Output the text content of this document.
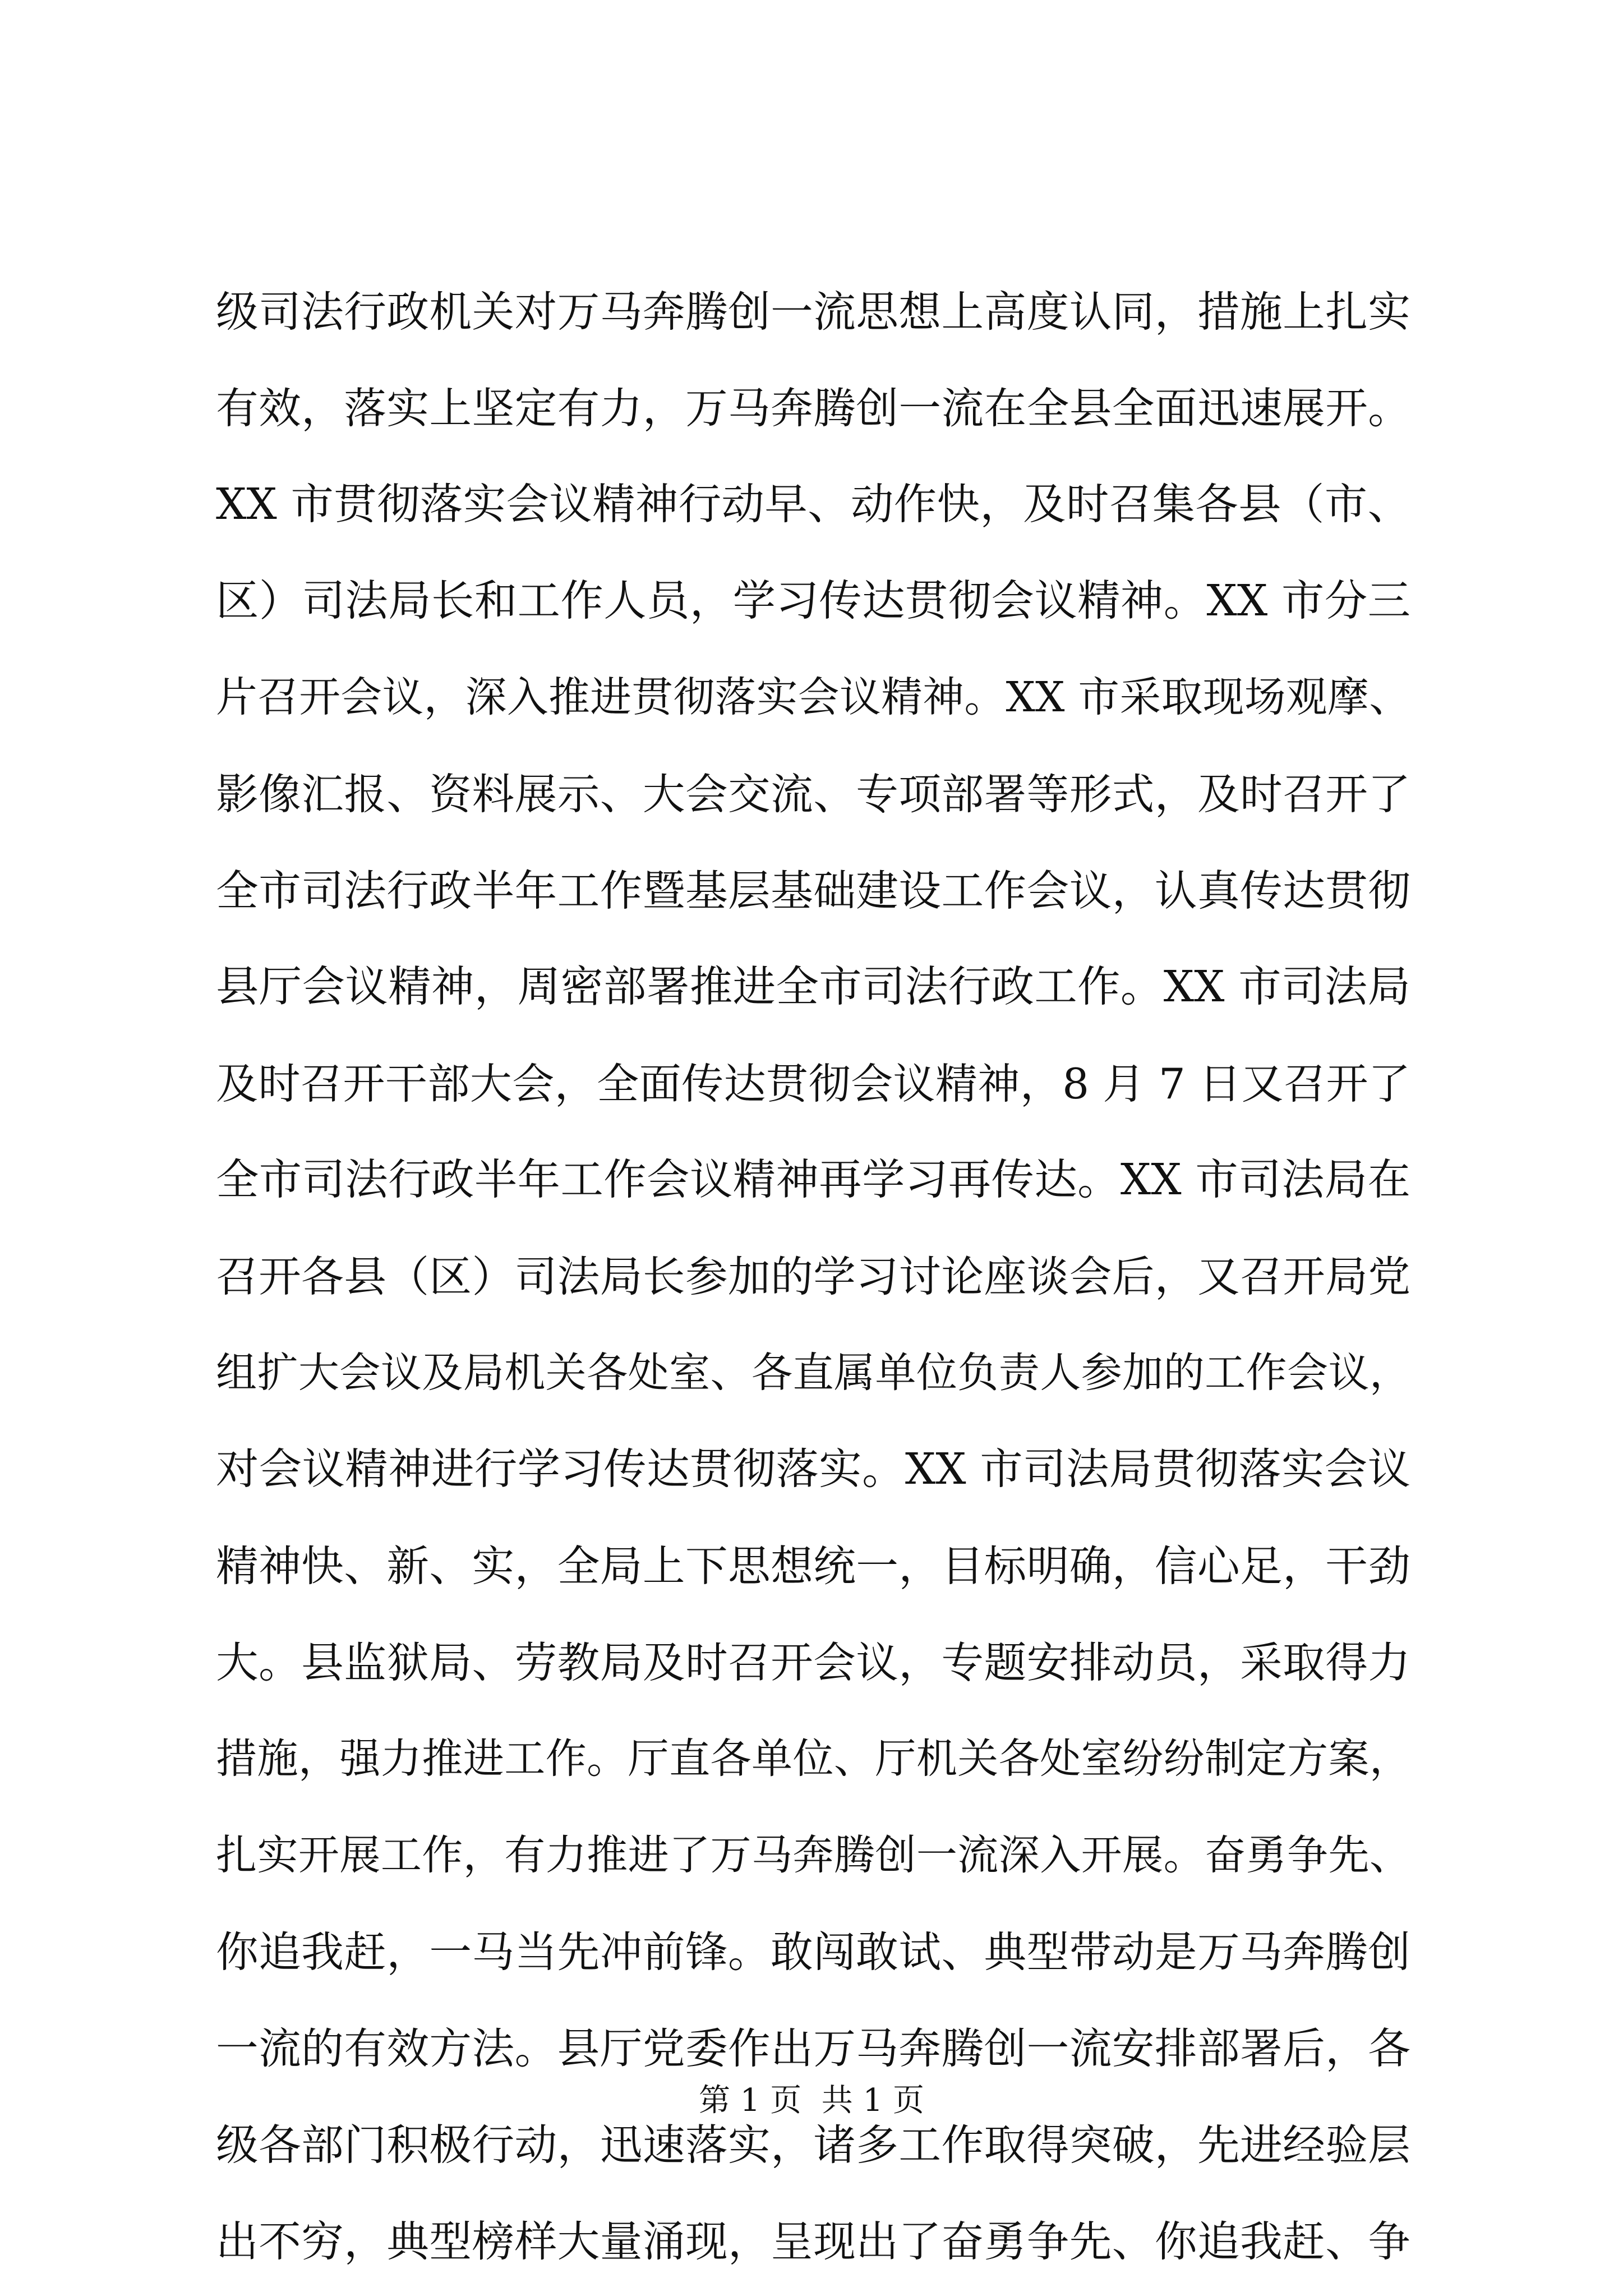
级司法行政机关对万马奔腾创一流思想上高度认同，措施上扎实
有效，落实上坚定有力，万马奔腾创一流在全县全面迅速展开。
XX 市贯彻落实会议精神行动早、动作快，及时召集各县（市、
区）司法局长和工作人员，学习传达贯彻会议精神。XX 市分三
片召开会议，深入推进贯彻落实会议精神。XX 市采取现场观摩、
影像汇报、资料展示、大会交流、专项部署等形式，及时召开了
全市司法行政半年工作暨基层基础建设工作会议，认真传达贯彻
县厅会议精神，周密部署推进全市司法行政工作。XX 市司法局
及时召开干部大会，全面传达贯彻会议精神，8 月 7 日又召开了
全市司法行政半年工作会议精神再学习再传达。XX 市司法局在
召开各县（区）司法局长参加的学习讨论座谈会后，又召开局党
组扩大会议及局机关各处室、各直属单位负责人参加的工作会议，
对会议精神进行学习传达贯彻落实。XX 市司法局贯彻落实会议
精神快、新、实，全局上下思想统一，目标明确，信心足，干劲
大。县监狱局、劳教局及时召开会议，专题安排动员，采取得力
措施，强力推进工作。厅直各单位、厅机关各处室纷纷制定方案，
扎实开展工作，有力推进了万马奔腾创一流深入开展。奋勇争先、
你追我赶，一马当先冲前锋。敢闯敢试、典型带动是万马奔腾创
一流的有效方法。县厅党委作出万马奔腾创一流安排部署后，各
级各部门积极行动，迅速落实，诸多工作取得突破，先进经验层
出不穷，典型榜样大量涌现，呈现出了奋勇争先、你追我赶、争
第 1 页  共 1 页
